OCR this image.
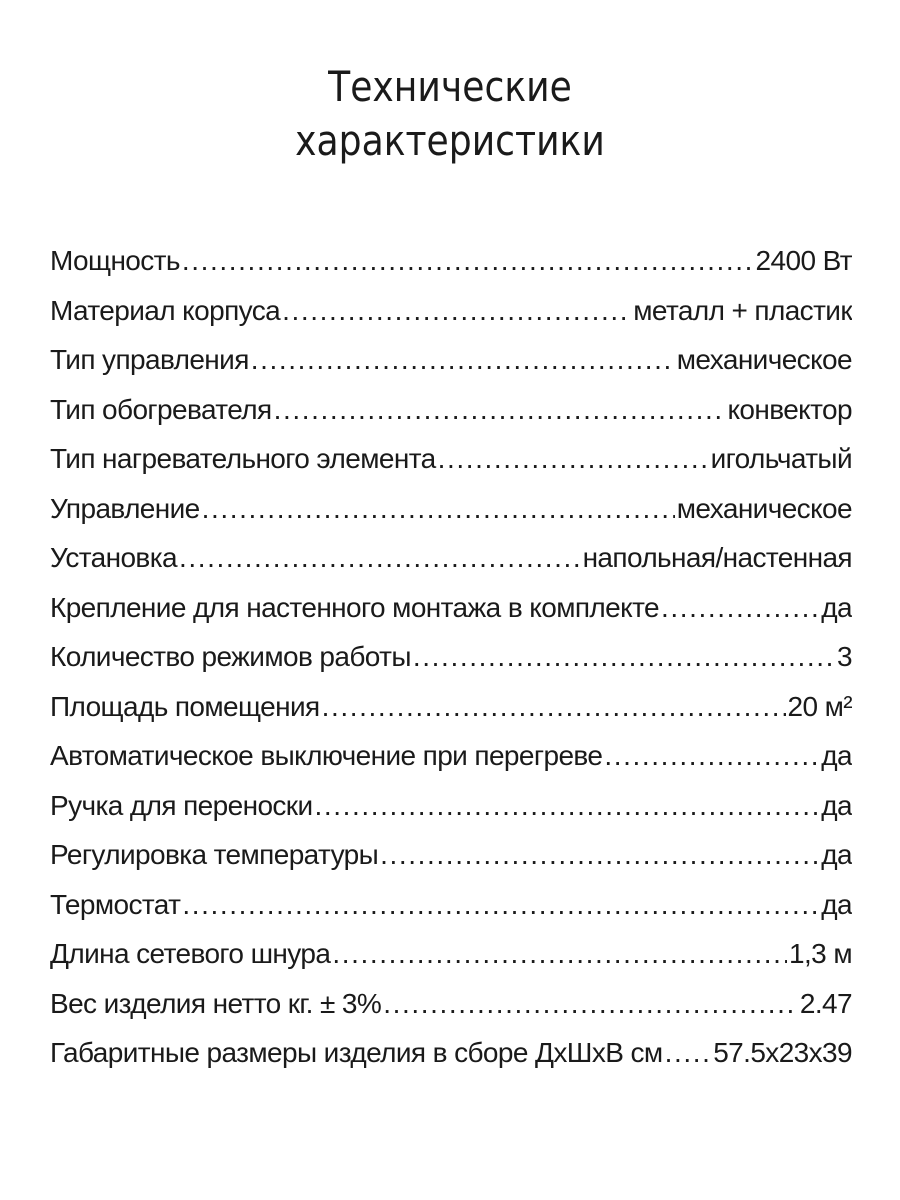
Технические
характеристики
Мощность .....	2400 Вт
Материал корпуса .....	металл + пластик
Тип управления .....	механическое
Тип обогревателя .....	конвектор
Тип нагревательного элемента .....	игольчатый
Управление .....	механическое
Установка .....	напольная/настенная
Крепление для настенного монтажа в комплекте .....	да
Количество режимов работы .....	3
Площадь помещения .....	20 м²
Автоматическое выключение при перегреве .....	да
Ручка для переноски .....	да
Регулировка температуры .....	да
Термостат .....	да
Длина сетевого шнура .....	1,3 м
Вес изделия нетто кг. ± 3% .....	2.47
Габаритные размеры изделия в сборе ДхШхВ см ..... 57.5x23x39
